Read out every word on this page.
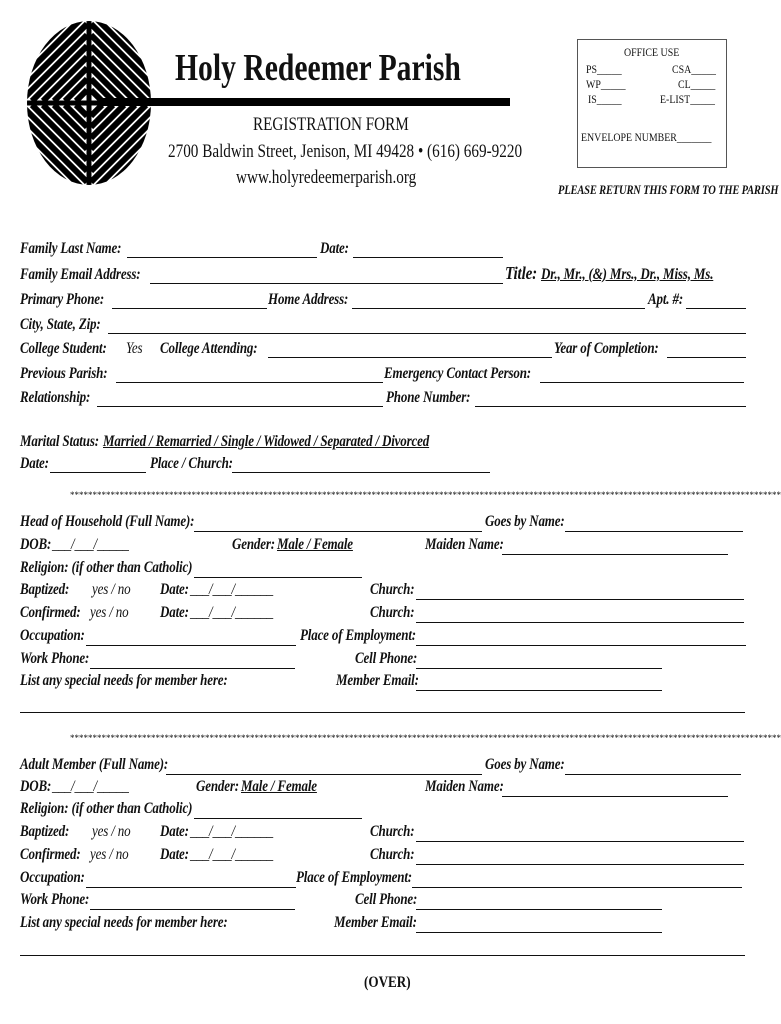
Holy Redeemer Parish
REGISTRATION FORM
2700 Baldwin Street, Jenison, MI 49428 • (616) 669-9220
www.holyredeemerparish.org
OFFICE USE
PS_____	CSA_____
WP_____	CL_____
IS_____	E-LIST_____
ENVELOPE NUMBER_______
PLEASE RETURN THIS FORM TO THE PARISH
Family Last Name:	Date:
Family Email Address:	Title: Dr., Mr., (&) Mrs., Dr., Miss, Ms.
Primary Phone:	Home Address:	Apt. #:
City, State, Zip:
College Student: Yes College Attending:	Year of Completion:
Previous Parish:	Emergency Contact Person:
Relationship:	Phone Number:
Marital Status: Married / Remarried / Single / Widowed / Separated / Divorced
Date:	Place / Church:
**************************************************************************************************************************************************************
Head of Household (Full Name):	Goes by Name:
DOB: ___/___/_____	Gender: Male / Female	Maiden Name:
Religion: (if other than Catholic)
Baptized: yes / no Date: ___/___/______	Church:
Confirmed: yes / no Date: ___/___/______	Church:
Occupation:	Place of Employment:
Work Phone:	Cell Phone:
List any special needs for member here:	Member Email:
**************************************************************************************************************************************************************
Adult Member (Full Name):	Goes by Name:
DOB: ___/___/_____	Gender: Male / Female	Maiden Name:
Religion: (if other than Catholic)
Baptized: yes / no Date: ___/___/______	Church:
Confirmed: yes / no Date: ___/___/______	Church:
Occupation:	Place of Employment:
Work Phone:	Cell Phone:
List any special needs for member here:	Member Email:
(OVER)
